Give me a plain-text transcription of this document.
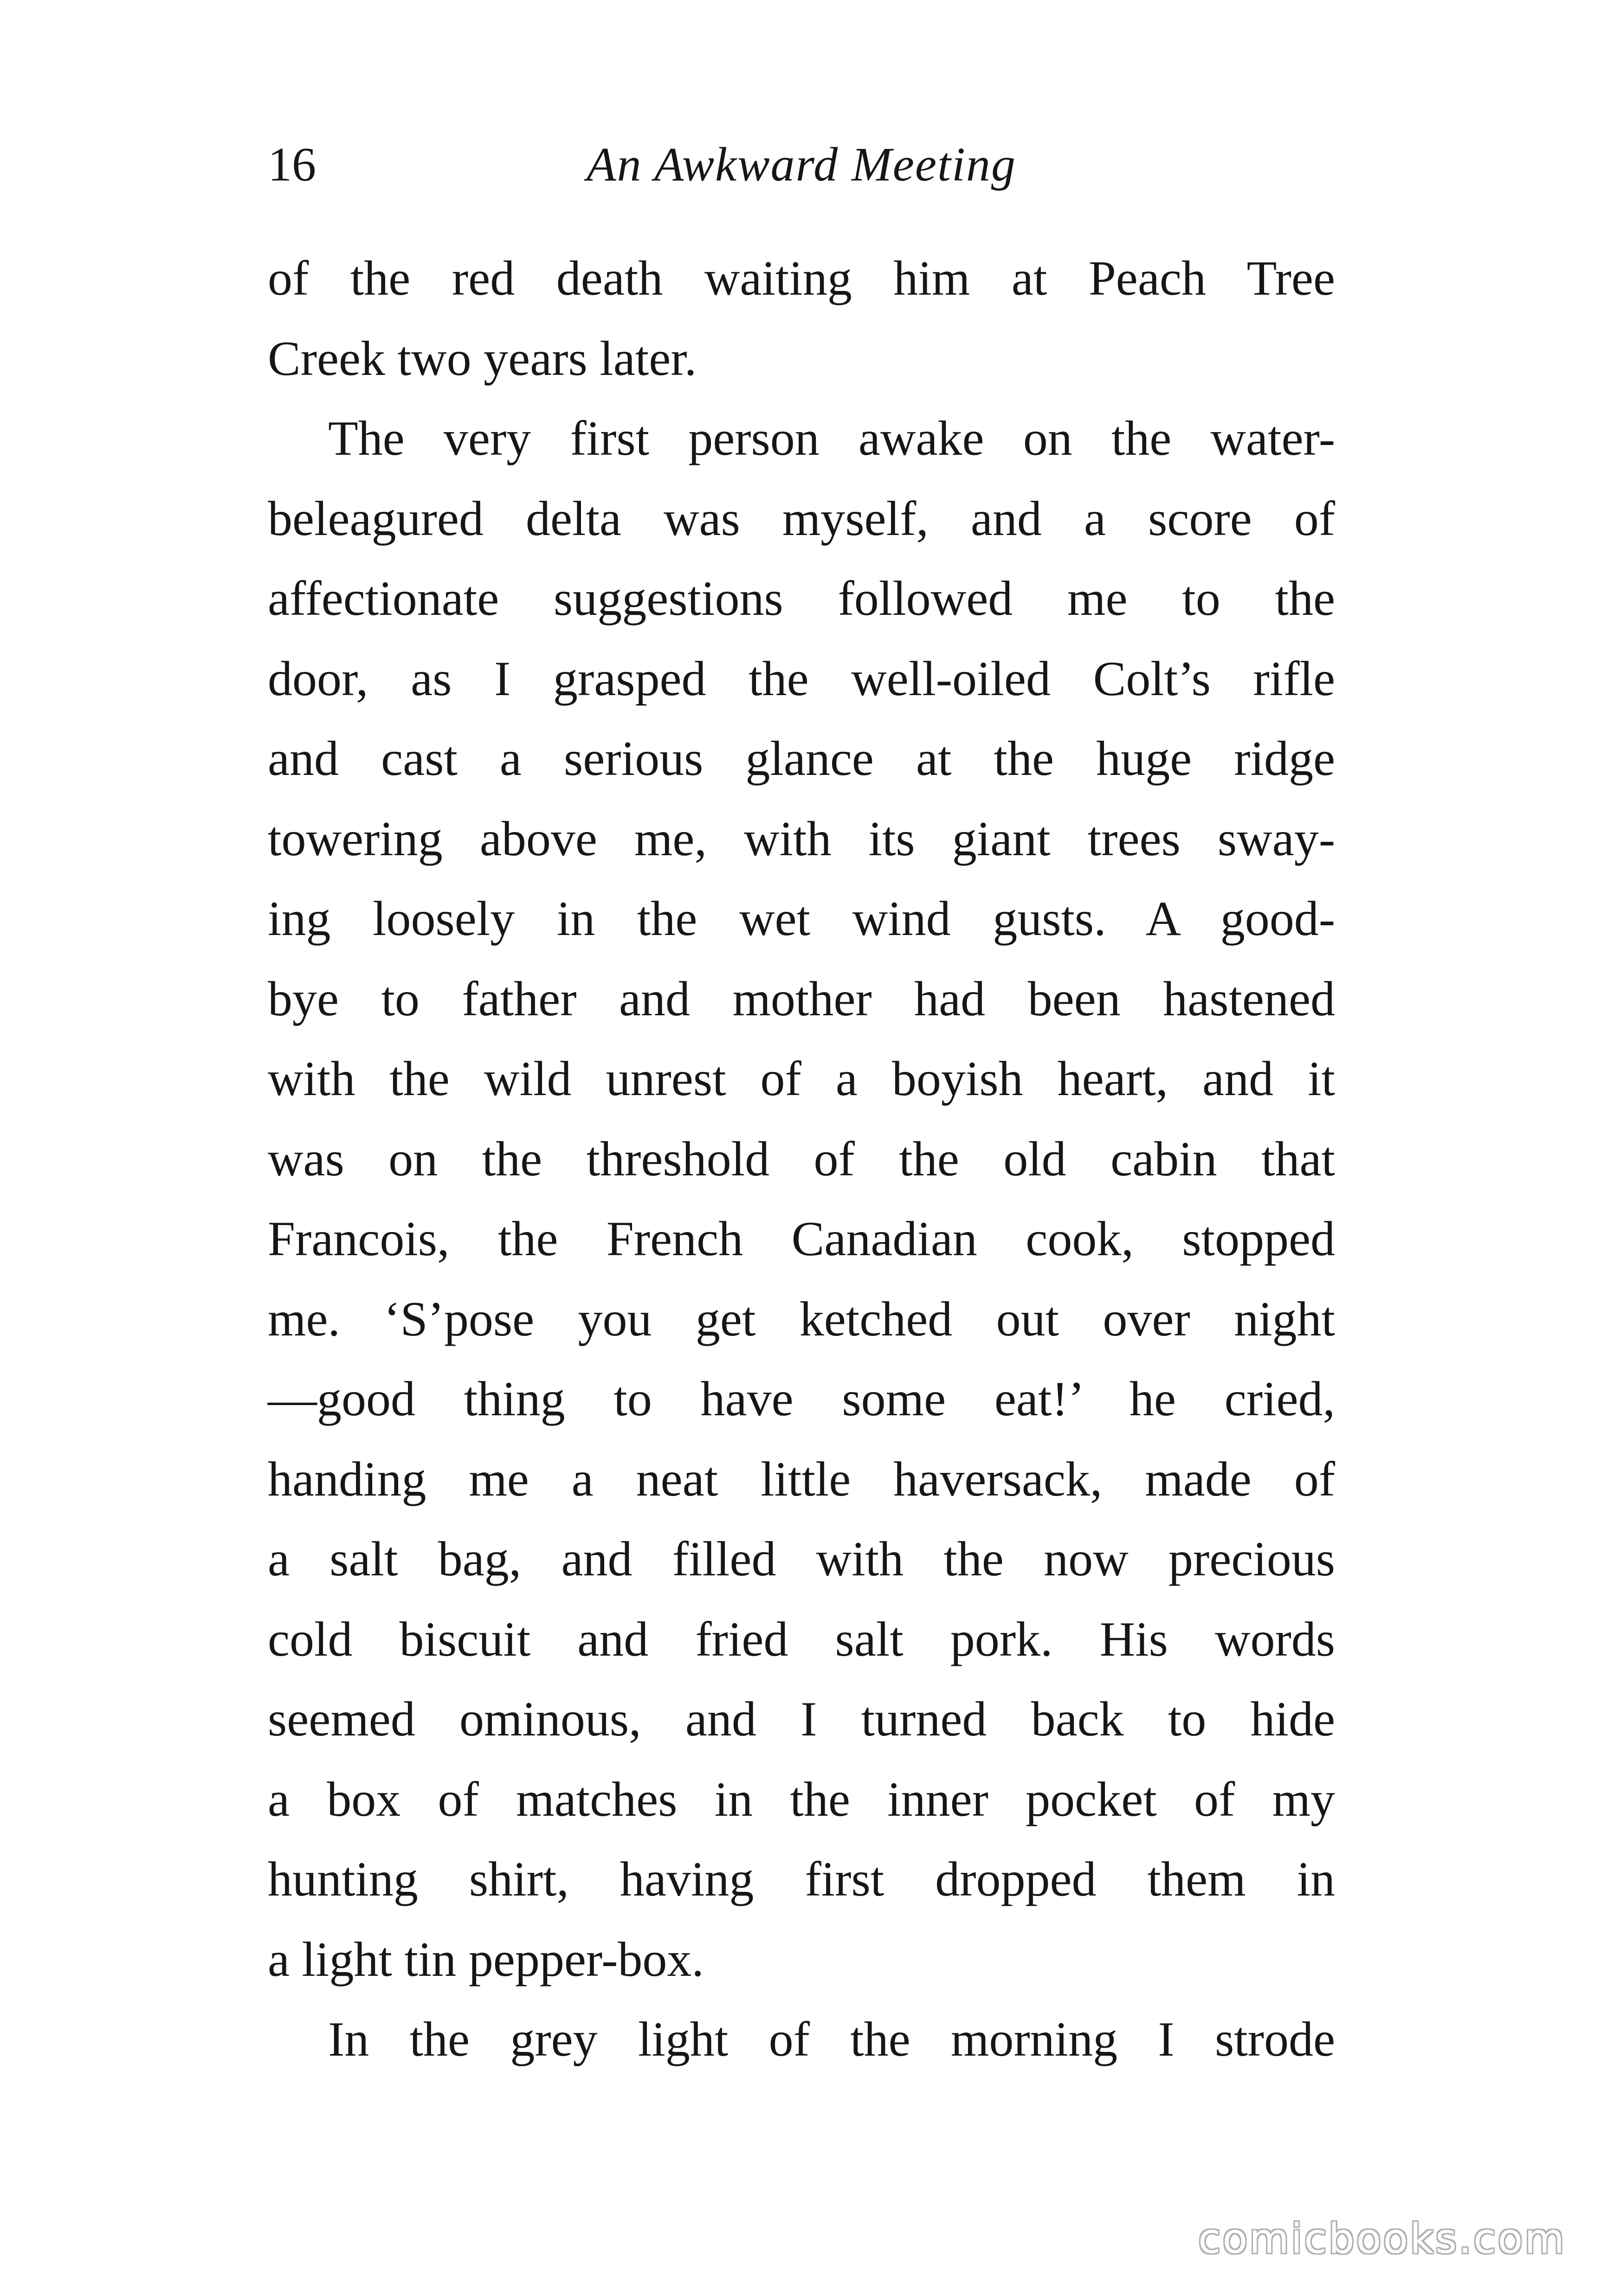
16	An Awkward Meeting
of the red death waiting him at Peach Tree
Creek two years later.
The very first person awake on the water-
beleagured delta was myself, and a score of
affectionate suggestions followed me to the
door, as I grasped the well-oiled Colt’s rifle
and cast a serious glance at the huge ridge
towering above me, with its giant trees sway-
ing loosely in the wet wind gusts. A good-
bye to father and mother had been hastened
with the wild unrest of a boyish heart, and it
was on the threshold of the old cabin that
Francois, the French Canadian cook, stopped
me. ‘S’pose you get ketched out over night
—good thing to have some eat!’ he cried,
handing me a neat little haversack, made of
a salt bag, and filled with the now precious
cold biscuit and fried salt pork. His words
seemed ominous, and I turned back to hide
a box of matches in the inner pocket of my
hunting shirt, having first dropped them in
a light tin pepper-box.
In the grey light of the morning I strode
comicbooks.com
